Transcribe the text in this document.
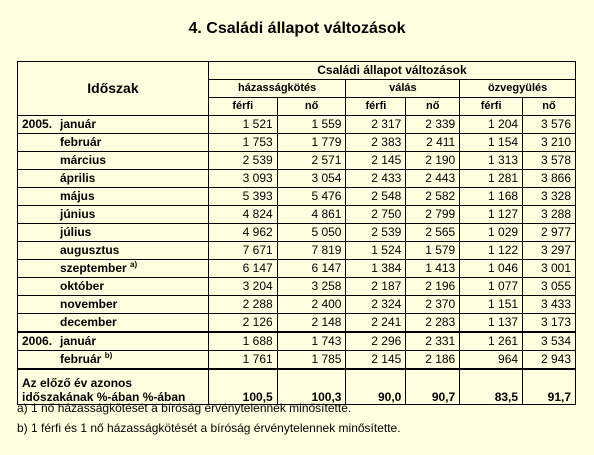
4. Családi állapot változások
Időszak	Családi állapot változások					
	házasságkötés		válás		özvegyülés	
	férfi	nő	férfi	nő	férfi	nő
2005. január	1 521	1 559	2 317	2 339	1 204	3 576
február	1 753	1 779	2 383	2 411	1 154	3 210
március	2 539	2 571	2 145	2 190	1 313	3 578
április	3 093	3 054	2 433	2 443	1 281	3 866
május	5 393	5 476	2 548	2 582	1 168	3 328
június	4 824	4 861	2 750	2 799	1 127	3 288
július	4 962	5 050	2 539	2 565	1 029	2 977
augusztus	7 671	7 819	1 524	1 579	1 122	3 297
szeptember $^{a)}$	6 147	6 147	1 384	1 413	1 046	3 001
október	3 204	3 258	2 187	2 196	1 077	3 055
november	2 288	2 400	2 324	2 370	1 151	3 433
december	2 126	2 148	2 241	2 283	1 137	3 173
2006. január	1 688	1 743	2 296	2 331	1 261	3 534
február $^{b)}$	1 761	1 785	2 145	2 186	964	2 943

Az előző év azonos
időszakának %-ában %-ában	100,5	100,3	90,0	90,7	83,5	91,7
a) 1 nő házasságkötését a bíróság érvénytelennek minősítette.
b) 1 férfi és 1 nő házasságkötését a bíróság érvénytelennek minősítette.
